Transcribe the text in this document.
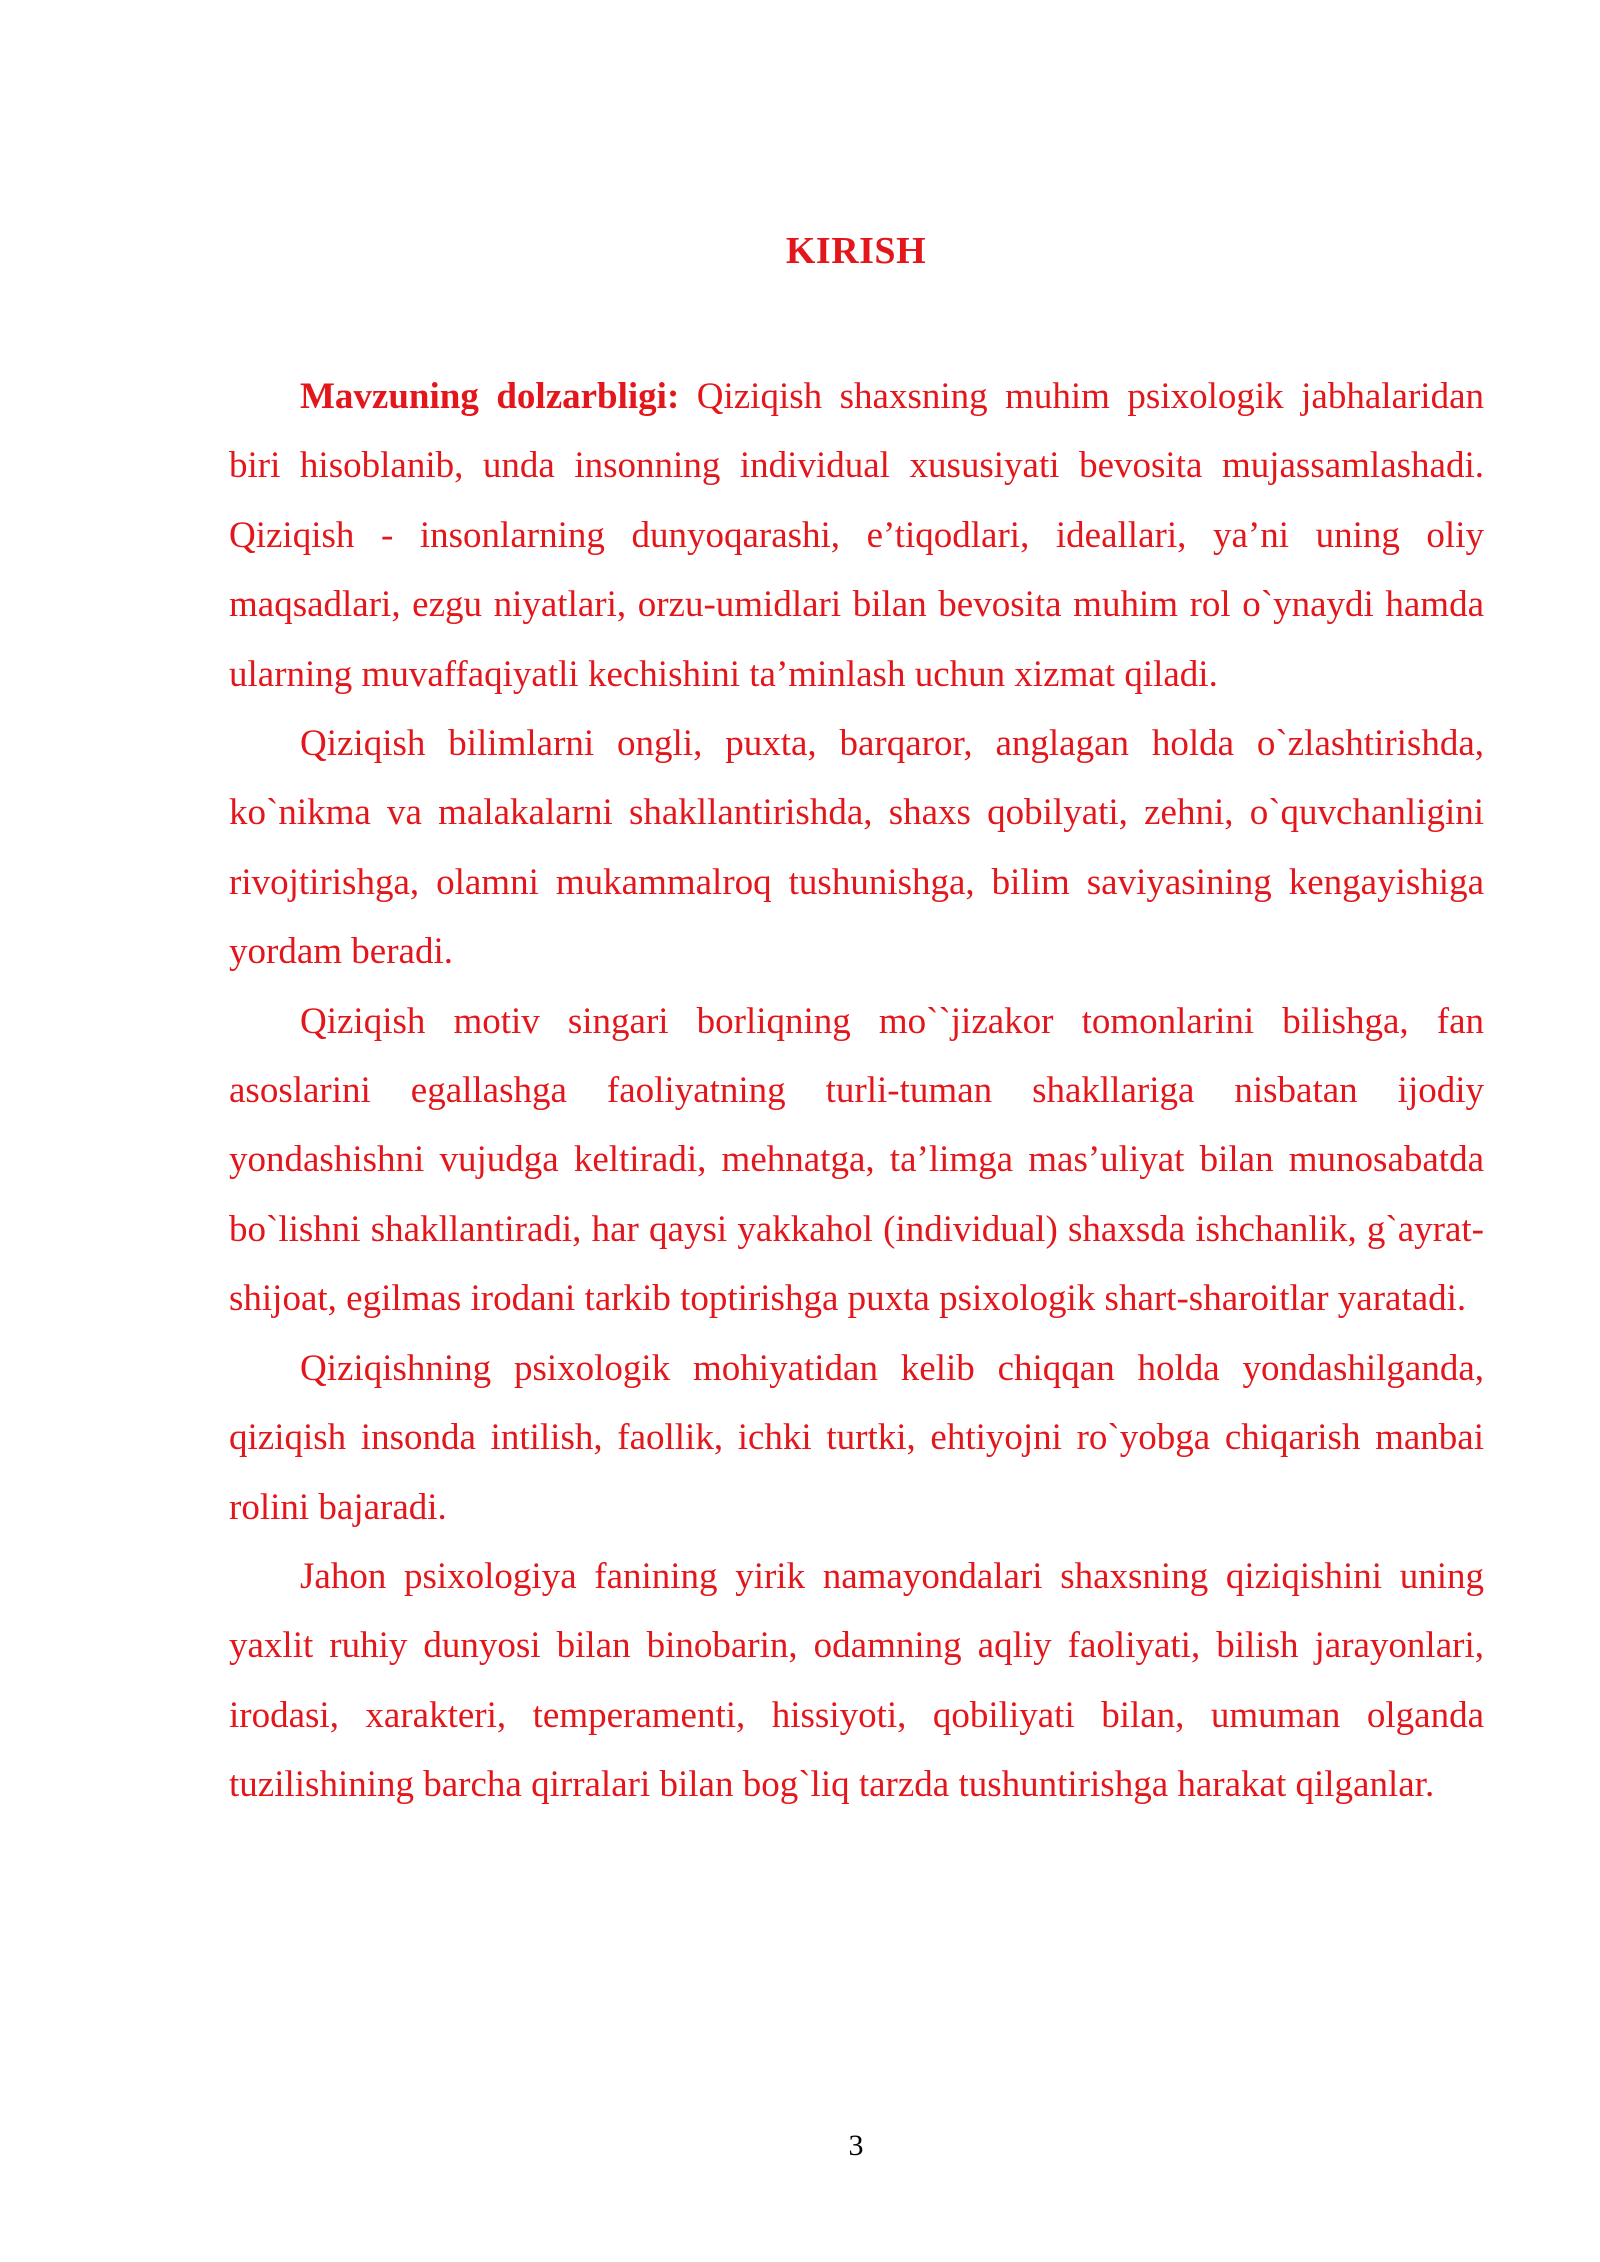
KIRISH

Mavzuning dolzarbligi: Qiziqish shaxsning muhim psixologik jabhalaridan biri hisoblanib, unda insonning individual xususiyati bevosita mujassamlashadi. Qiziqish - insonlarning dunyoqarashi, e’tiqodlari, ideallari, ya’ni uning oliy maqsadlari, ezgu niyatlari, orzu-umidlari bilan bevosita muhim rol o`ynaydi hamda ularning muvaffaqiyatli kechishini ta’minlash uchun xizmat qiladi.

Qiziqish bilimlarni ongli, puxta, barqaror, anglagan holda o`zlashtirishda, ko`nikma va malakalarni shakllantirishda, shaxs qobilyati, zehni, o`quvchanligini rivojtirishga, olamni mukammalroq tushunishga, bilim saviyasining kengayishiga yordam beradi.

Qiziqish motiv singari borliqning mo``jizakor tomonlarini bilishga, fan asoslarini egallashga faoliyatning turli-tuman shakllariga nisbatan ijodiy yondashishni vujudga keltiradi, mehnatga, ta’limga mas’uliyat bilan munosabatda bo`lishni shakllantiradi, har qaysi yakkahol (individual) shaxsda ishchanlik, g`ayrat-shijoat, egilmas irodani tarkib toptirishga puxta psixologik shart-sharoitlar yaratadi.

Qiziqishning psixologik mohiyatidan kelib chiqqan holda yondashilganda, qiziqish insonda intilish, faollik, ichki turtki, ehtiyojni ro`yobga chiqarish manbai rolini bajaradi.

Jahon psixologiya fanining yirik namayondalari shaxsning qiziqishini uning yaxlit ruhiy dunyosi bilan binobarin, odamning aqliy faoliyati, bilish jarayonlari, irodasi, xarakteri, temperamenti, hissiyoti, qobiliyati bilan, umuman olganda tuzilishining barcha qirralari bilan bog`liq tarzda tushuntirishga harakat qilganlar.

3
